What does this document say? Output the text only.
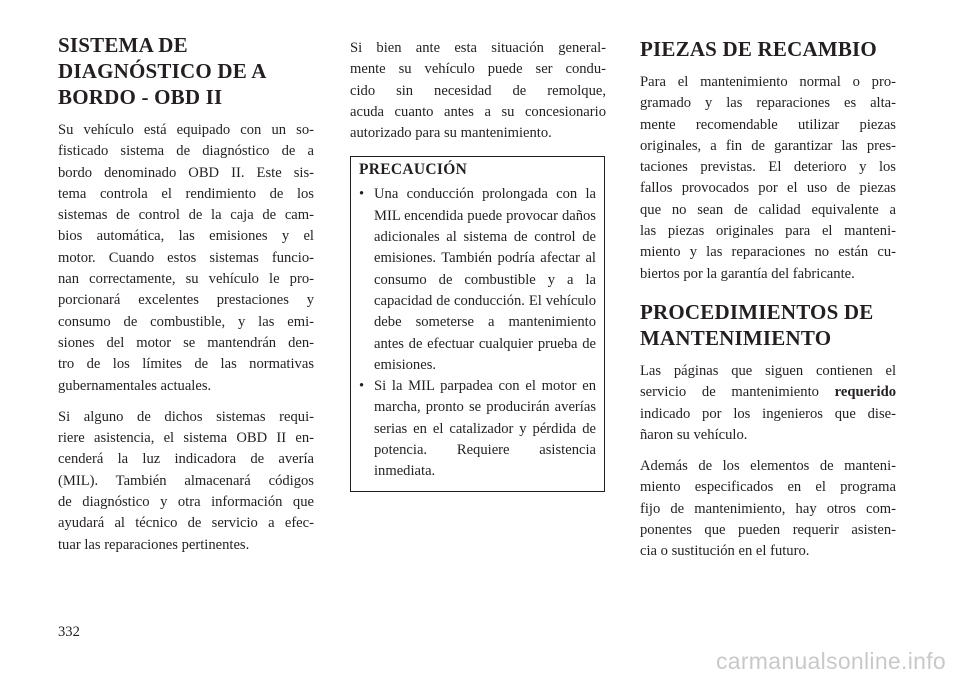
SISTEMA DE
DIAGNÓSTICO DE A
BORDO - OBD II

Su vehículo está equipado con un so-
fisticado sistema de diagnóstico de a
bordo denominado OBD II. Este sis-
tema controla el rendimiento de los
sistemas de control de la caja de cam-
bios automática, las emisiones y el
motor. Cuando estos sistemas funcio-
nan correctamente, su vehículo le pro-
porcionará excelentes prestaciones y
consumo de combustible, y las emi-
siones del motor se mantendrán den-
tro de los límites de las normativas
gubernamentales actuales.

Si alguno de dichos sistemas requi-
riere asistencia, el sistema OBD II en-
cenderá la luz indicadora de avería
(MIL). También almacenará códigos
de diagnóstico y otra información que
ayudará al técnico de servicio a efec-
tuar las reparaciones pertinentes.

Si bien ante esta situación general-
mente su vehículo puede ser condu-
cido sin necesidad de remolque,
acuda cuanto antes a su concesionario
autorizado para su mantenimiento.

PRECAUCIÓN
• Una conducción prolongada con la MIL encendida puede provocar daños adicionales al sistema de control de emisiones. También podría afectar al consumo de combustible y a la capacidad de conducción. El vehículo debe someterse a mantenimiento antes de efectuar cualquier prueba de emisiones.
• Si la MIL parpadea con el motor en marcha, pronto se producirán averías serias en el catalizador y pérdida de potencia. Requiere asistencia inmediata.
PIEZAS DE RECAMBIO

Para el mantenimiento normal o pro-
gramado y las reparaciones es alta-
mente recomendable utilizar piezas
originales, a fin de garantizar las pres-
taciones previstas. El deterioro y los
fallos provocados por el uso de piezas
que no sean de calidad equivalente a
las piezas originales para el manteni-
miento y las reparaciones no están cu-
biertos por la garantía del fabricante.

PROCEDIMIENTOS DE
MANTENIMIENTO

Las páginas que siguen contienen el
servicio de mantenimiento requerido
indicado por los ingenieros que dise-
ñaron su vehículo.

Además de los elementos de manteni-
miento especificados en el programa
fijo de mantenimiento, hay otros com-
ponentes que pueden requerir asisten-
cia o sustitución en el futuro.

332
carmanualsonline.info
